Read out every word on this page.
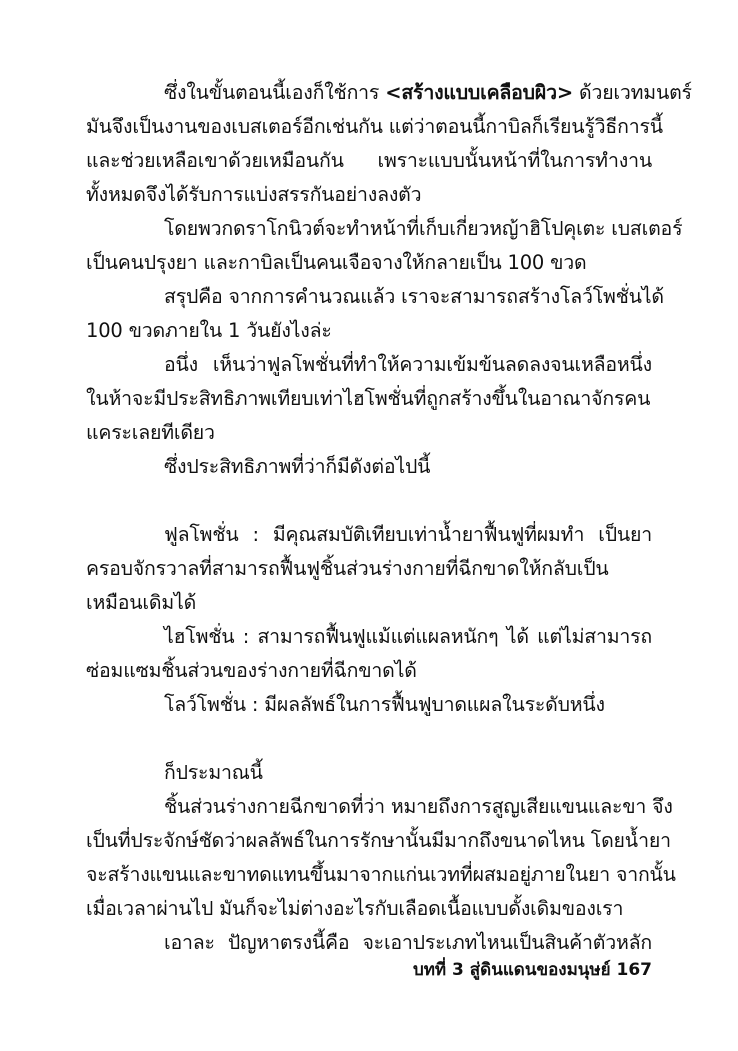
ซึ่งในขั้นตอนนี้เองก็ใช้การ <สร้างแบบเคลือบผิว> ด้วยเวทมนตร์
มันจึงเป็นงานของเบสเตอร์อีกเช่นกัน แต่ว่าตอนนี้กาบิลก็เรียนรู้วิธีการนี้
และช่วยเหลือเขาด้วยเหมือนกัน เพราะแบบนั้นหน้าที่ในการทำงาน
ทั้งหมดจึงได้รับการแบ่งสรรกันอย่างลงตัว
โดยพวกดราโกนิวต์จะทำหน้าที่เก็บเกี่ยวหญ้าฮิโปคุเตะ เบสเตอร์
เป็นคนปรุงยา และกาบิลเป็นคนเจือจางให้กลายเป็น 100 ขวด
สรุปคือ จากการคำนวณแล้ว เราจะสามารถสร้างโลว์โพชั่นได้
100 ขวดภายใน 1 วันยังไงล่ะ
อนึ่ง เห็นว่าฟูลโพชั่นที่ทำให้ความเข้มข้นลดลงจนเหลือหนึ่ง
ในห้าจะมีประสิทธิภาพเทียบเท่าไฮโพชั่นที่ถูกสร้างขึ้นในอาณาจักรคน
แคระเลยทีเดียว
ซึ่งประสิทธิภาพที่ว่าก็มีดังต่อไปนี้
ฟูลโพชั่น : มีคุณสมบัติเทียบเท่าน้ำยาฟื้นฟูที่ผมทำ เป็นยา
ครอบจักรวาลที่สามารถฟื้นฟูชิ้นส่วนร่างกายที่ฉีกขาดให้กลับเป็น
เหมือนเดิมได้
ไฮโพชั่น : สามารถฟื้นฟูแม้แต่แผลหนักๆ ได้ แต่ไม่สามารถ
ซ่อมแซมชิ้นส่วนของร่างกายที่ฉีกขาดได้
โลว์โพชั่น : มีผลลัพธ์ในการฟื้นฟูบาดแผลในระดับหนึ่ง
ก็ประมาณนี้
ชิ้นส่วนร่างกายฉีกขาดที่ว่า หมายถึงการสูญเสียแขนและขา จึง
เป็นที่ประจักษ์ชัดว่าผลลัพธ์ในการรักษานั้นมีมากถึงขนาดไหน โดยน้ำยา
จะสร้างแขนและขาทดแทนขึ้นมาจากแก่นเวทที่ผสมอยู่ภายในยา จากนั้น
เมื่อเวลาผ่านไป มันก็จะไม่ต่างอะไรกับเลือดเนื้อแบบดั้งเดิมของเรา
เอาละ ปัญหาตรงนี้คือ จะเอาประเภทไหนเป็นสินค้าตัวหลัก
บทที่ 3 สู่ดินแดนของมนุษย์ 167
